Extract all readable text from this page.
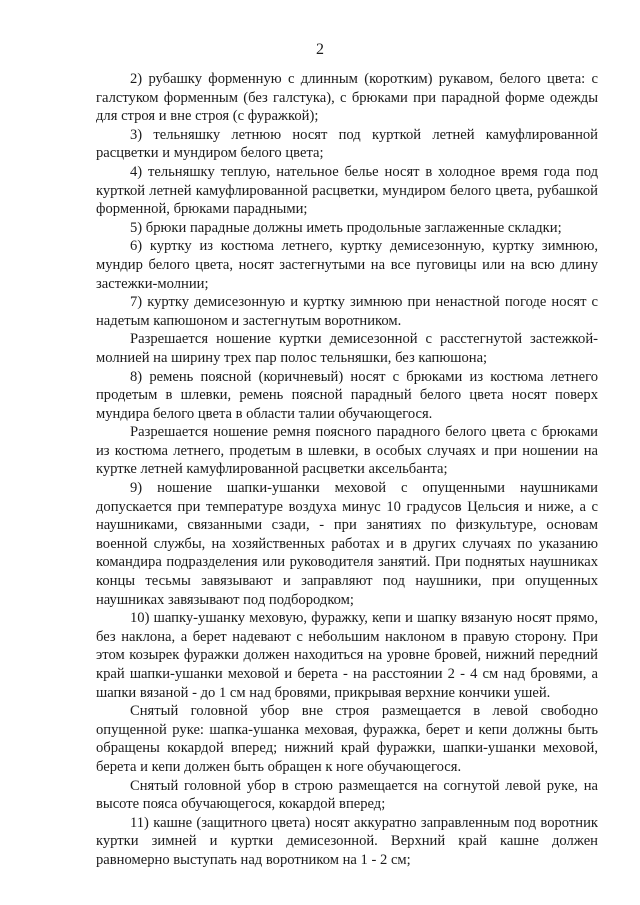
2

2) рубашку форменную с длинным (коротким) рукавом, белого цвета: с галстуком форменным (без галстука), с брюками при парадной форме одежды для строя и вне строя (с фуражкой);

3) тельняшку летнюю носят под курткой летней камуфлированной расцветки и мундиром белого цвета;

4) тельняшку теплую, нательное белье носят в холодное время года под курткой летней камуфлированной расцветки, мундиром белого цвета, рубашкой форменной, брюками парадными;

5) брюки парадные должны иметь продольные заглаженные складки;

6) куртку из костюма летнего, куртку демисезонную, куртку зимнюю, мундир белого цвета, носят застегнутыми на все пуговицы или на всю длину застежки-молнии;

7) куртку демисезонную и куртку зимнюю при ненастной погоде носят с надетым капюшоном и застегнутым воротником.

Разрешается ношение куртки демисезонной с расстегнутой застежкой-молнией на ширину трех пар полос тельняшки, без капюшона;

8) ремень поясной (коричневый) носят с брюками из костюма летнего продетым в шлевки, ремень поясной парадный белого цвета носят поверх мундира белого цвета в области талии обучающегося.

Разрешается ношение ремня поясного парадного белого цвета с брюками из костюма летнего, продетым в шлевки, в особых случаях и при ношении на куртке летней камуфлированной расцветки аксельбанта;

9) ношение шапки-ушанки меховой с опущенными наушниками допускается при температуре воздуха минус 10 градусов Цельсия и ниже, а с наушниками, связанными сзади, - при занятиях по физкультуре, основам военной службы, на хозяйственных работах и в других случаях по указанию командира подразделения или руководителя занятий. При поднятых наушниках концы тесьмы завязывают и заправляют под наушники, при опущенных наушниках завязывают под подбородком;

10) шапку-ушанку меховую, фуражку, кепи и шапку вязаную носят прямо, без наклона, а берет надевают с небольшим наклоном в правую сторону. При этом козырек фуражки должен находиться на уровне бровей, нижний передний край шапки-ушанки меховой и берета - на расстоянии 2 - 4 см над бровями, а шапки вязаной - до 1 см над бровями, прикрывая верхние кончики ушей.

Снятый головной убор вне строя размещается в левой свободно опущенной руке: шапка-ушанка меховая, фуражка, берет и кепи должны быть обращены кокардой вперед; нижний край фуражки, шапки-ушанки меховой, берета и кепи должен быть обращен к ноге обучающегося.

Снятый головной убор в строю размещается на согнутой левой руке, на высоте пояса обучающегося, кокардой вперед;

11) кашне (защитного цвета) носят аккуратно заправленным под воротник куртки зимней и куртки демисезонной. Верхний край кашне должен равномерно выступать над воротником на 1 - 2 см;
